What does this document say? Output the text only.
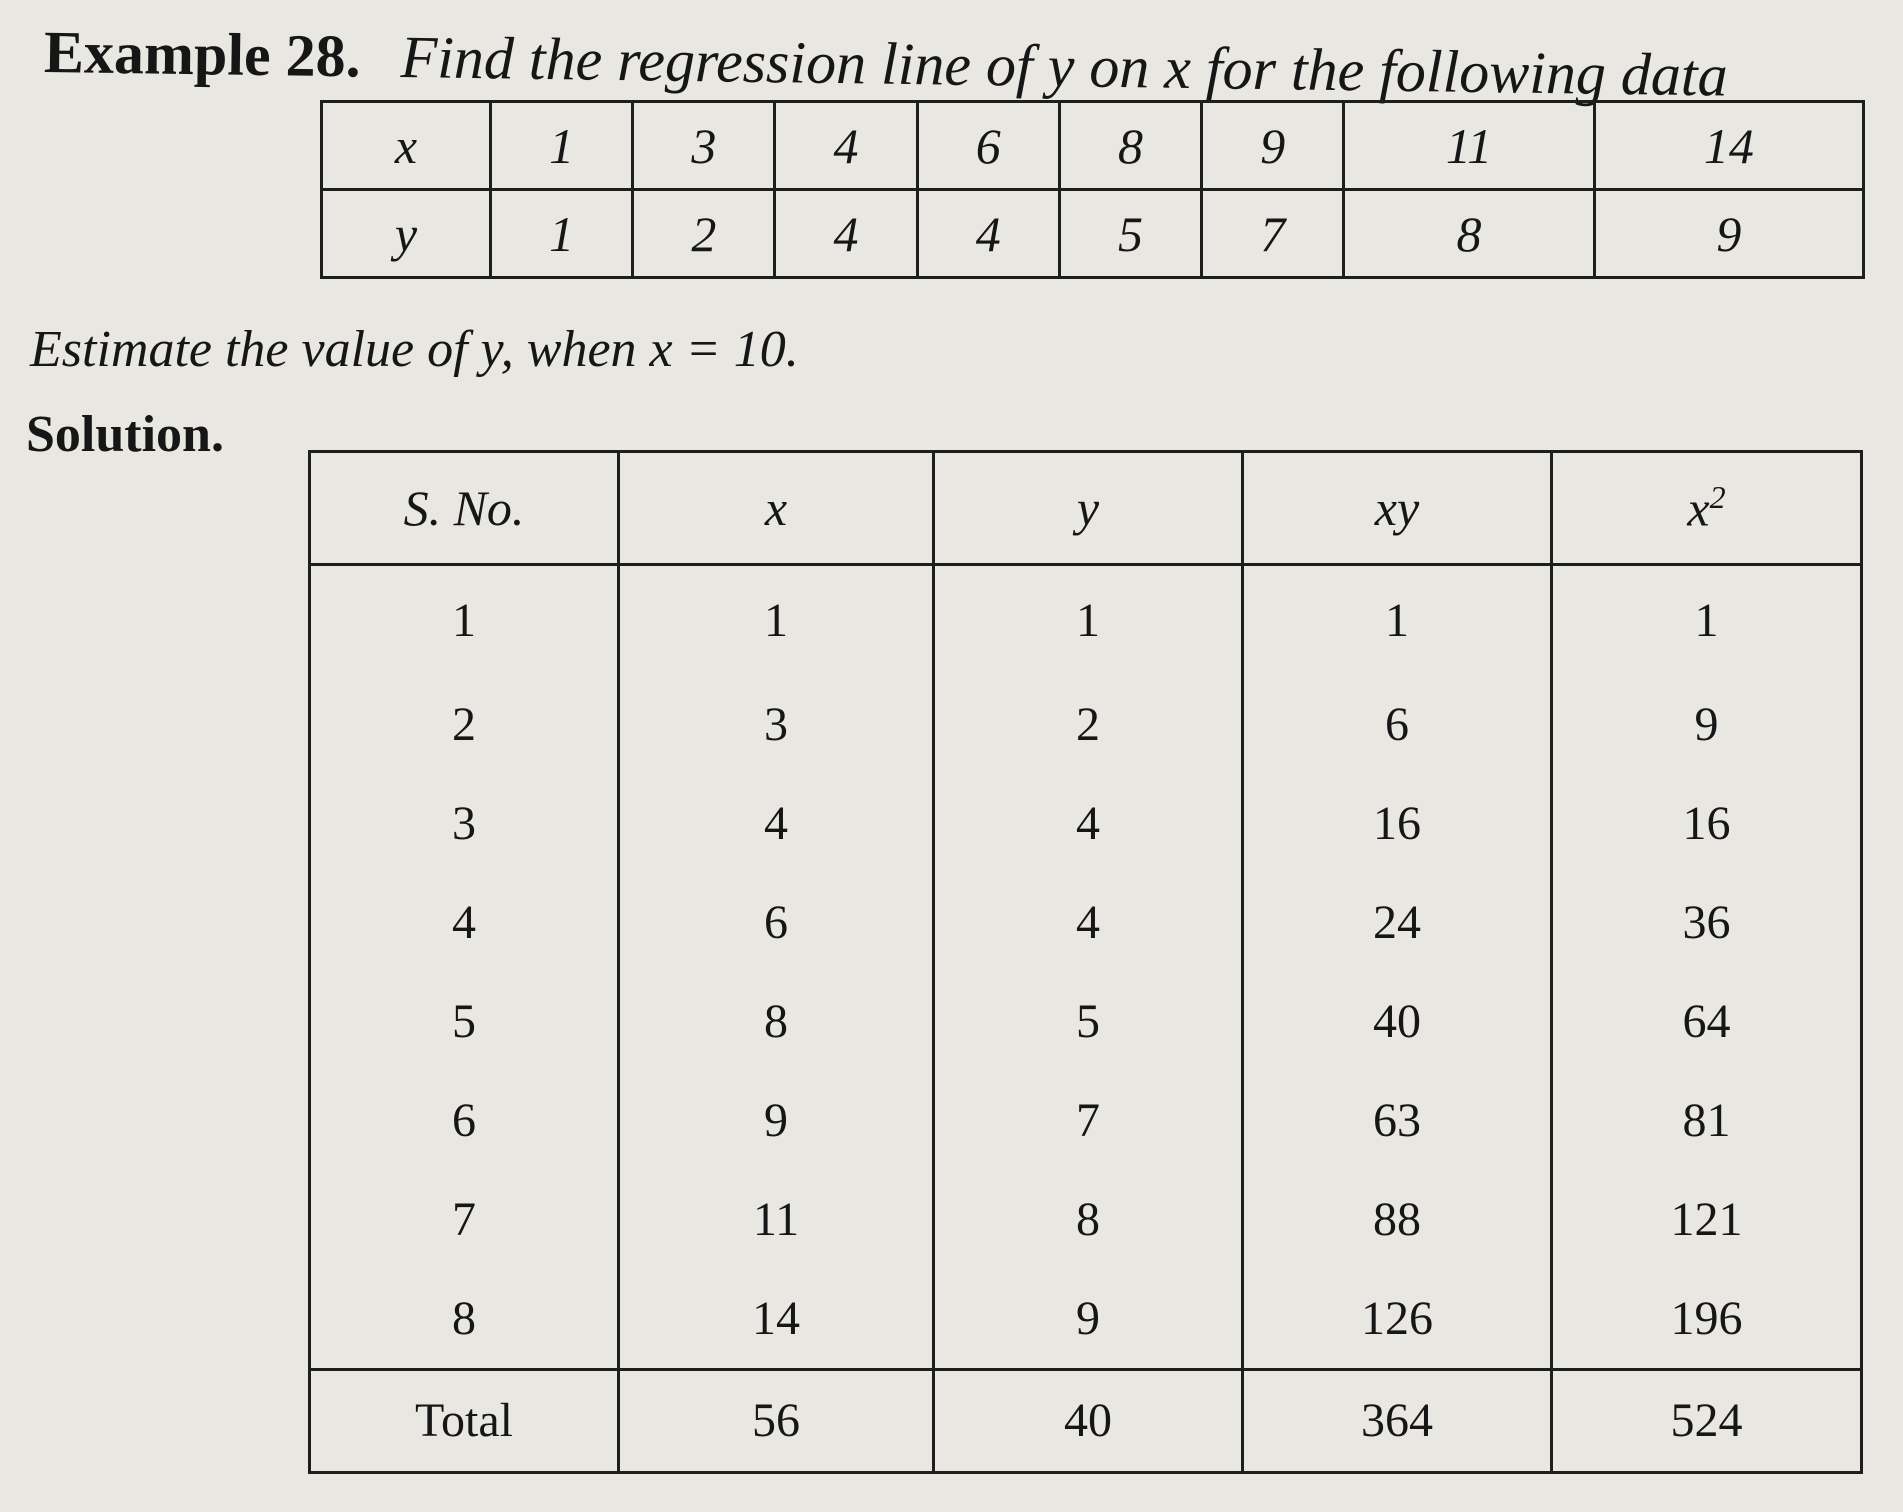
Example 28. Find the regression line of y on x for the following data
x	1	3	4	6	8	9	11	14
y	1	2	4	4	5	7	8	9
Estimate the value of y, when x = 10.
Solution.
S. No.	x	y	xy	$x^2$
1	1	1	1	1
2	3	2	6	9
3	4	4	16	16
4	6	4	24	36
5	8	5	40	64
6	9	7	63	81
7	11	8	88	121
8	14	9	126	196
Total	56	40	364	524
